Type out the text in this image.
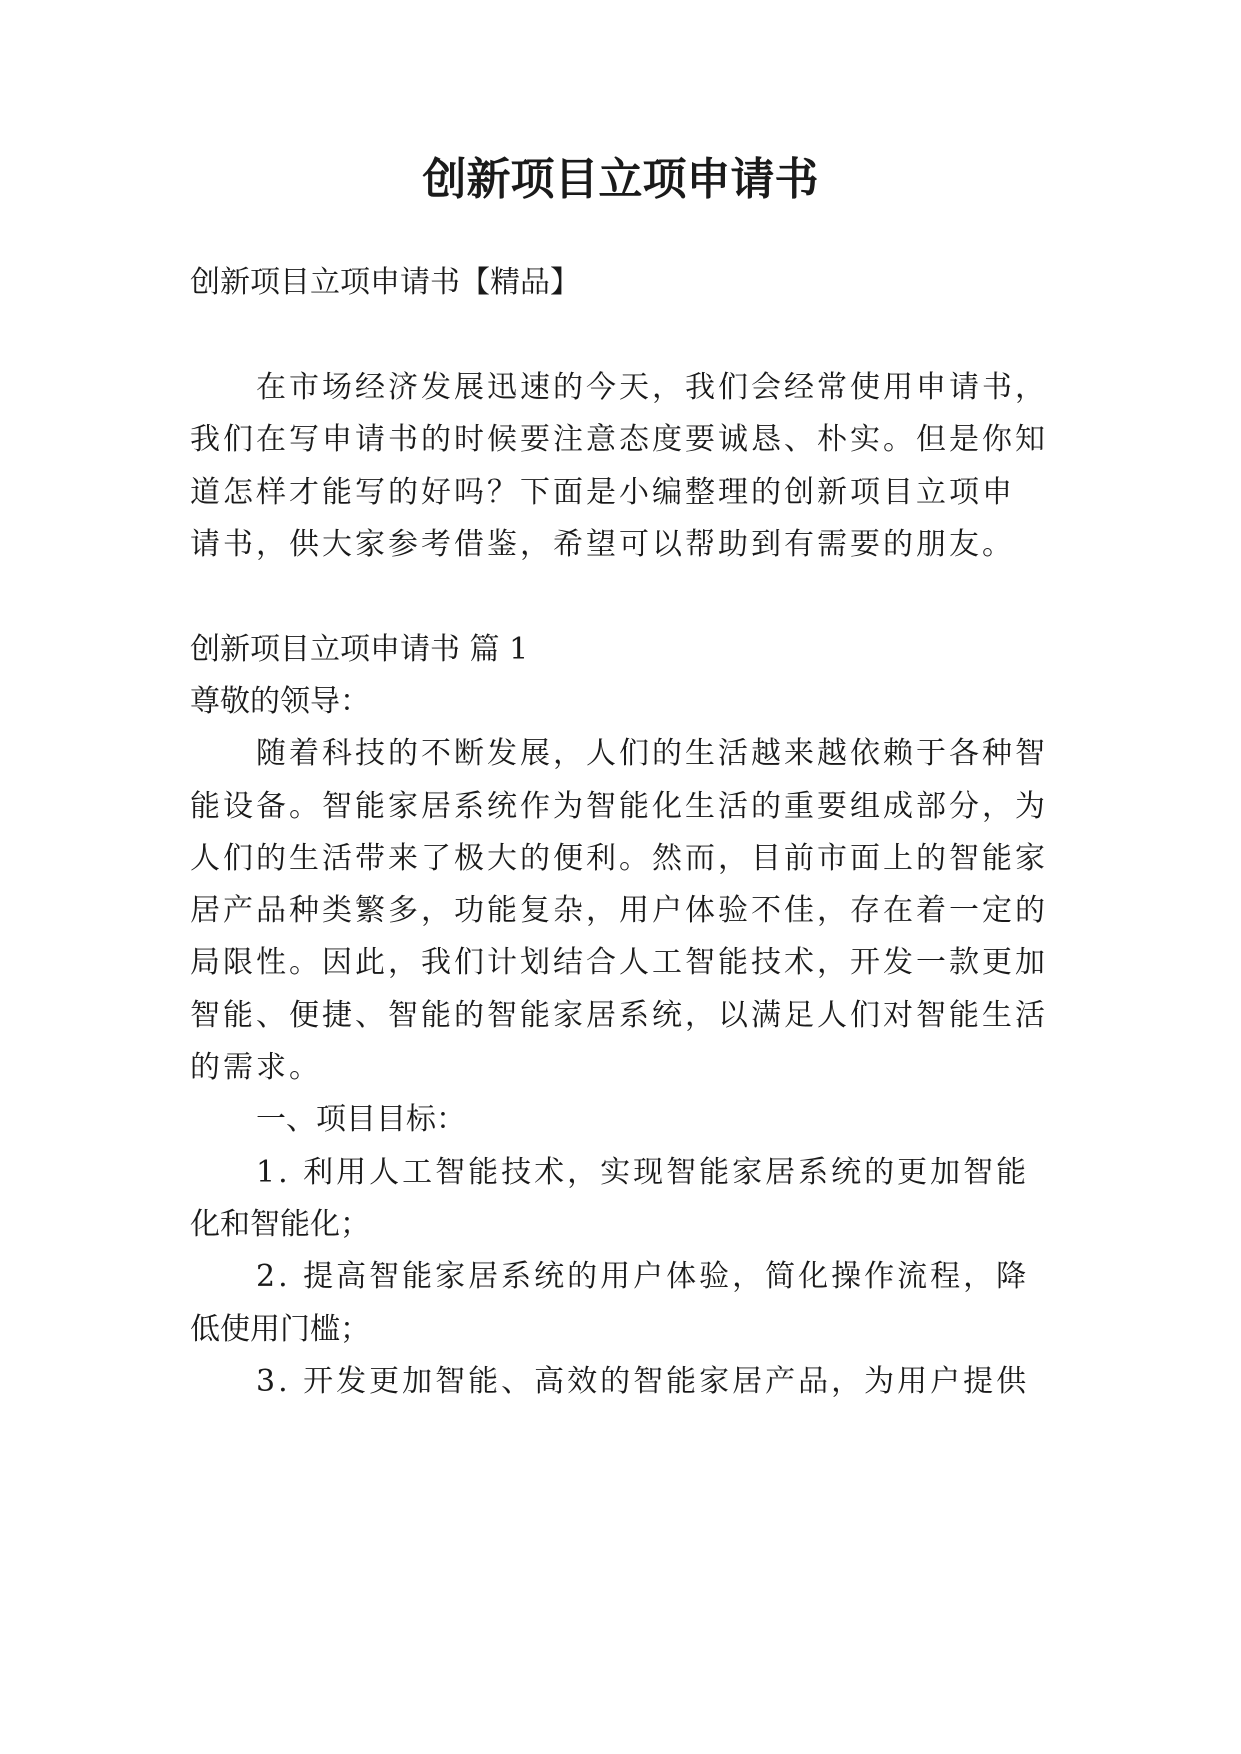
创新项目立项申请书

创新项目立项申请书【精品】

在市场经济发展迅速的今天，我们会经常使用申请书，

我们在写申请书的时候要注意态度要诚恳、朴实。但是你知

道怎样才能写的好吗？下面是小编整理的创新项目立项申

请书，供大家参考借鉴，希望可以帮助到有需要的朋友。

创新项目立项申请书 篇 1

尊敬的领导：

随着科技的不断发展，人们的生活越来越依赖于各种智

能设备。智能家居系统作为智能化生活的重要组成部分，为

人们的生活带来了极大的便利。然而，目前市面上的智能家

居产品种类繁多，功能复杂，用户体验不佳，存在着一定的

局限性。因此，我们计划结合人工智能技术，开发一款更加

智能、便捷、智能的智能家居系统，以满足人们对智能生活

的需求。

一、项目目标：

1. 利用人工智能技术，实现智能家居系统的更加智能

化和智能化；

2. 提高智能家居系统的用户体验，简化操作流程，降

低使用门槛；

3. 开发更加智能、高效的智能家居产品，为用户提供
